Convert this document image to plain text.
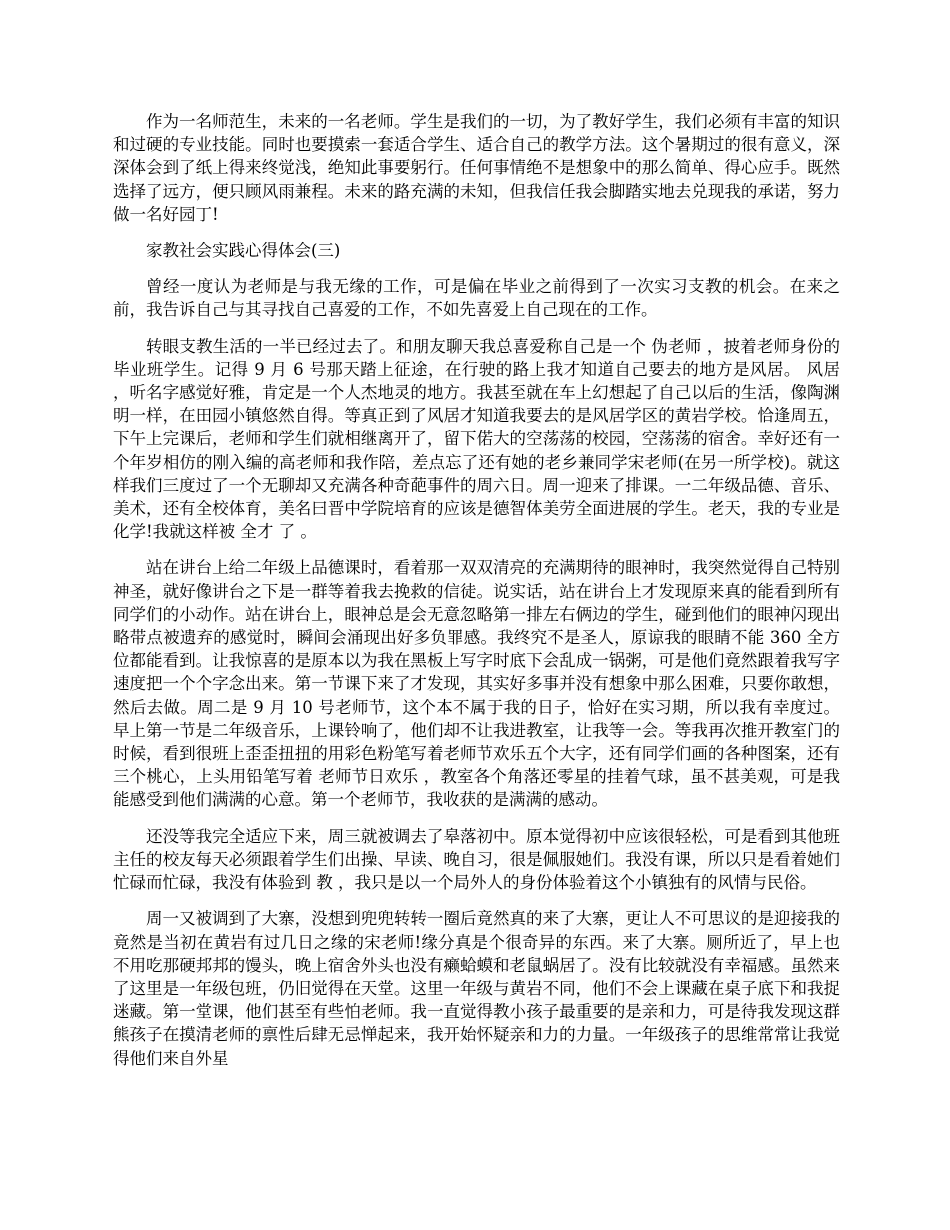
作为一名师范生，未来的一名老师。学生是我们的一切，为了教好学生，我们必须有丰富的知识和过硬的专业技能。同时也要摸索一套适合学生、适合自己的教学方法。这个暑期过的很有意义，深深体会到了纸上得来终觉浅，绝知此事要躬行。任何事情绝不是想象中的那么简单、得心应手。既然选择了远方，便只顾风雨兼程。未来的路充满的未知，但我信任我会脚踏实地去兑现我的承诺，努力做一名好园丁!

家教社会实践心得体会(三)

曾经一度认为老师是与我无缘的工作，可是偏在毕业之前得到了一次实习支教的机会。在来之前，我告诉自己与其寻找自己喜爱的工作，不如先喜爱上自己现在的工作。

转眼支教生活的一半已经过去了。和朋友聊天我总喜爱称自己是一个 伪老师 ，披着老师身份的毕业班学生。记得 9 月 6 号那天踏上征途，在行驶的路上我才知道自己要去的地方是风居。 风居 ，听名字感觉好雅，肯定是一个人杰地灵的地方。我甚至就在车上幻想起了自己以后的生活，像陶渊明一样，在田园小镇悠然自得。等真正到了风居才知道我要去的是风居学区的黄岩学校。恰逢周五，下午上完课后，老师和学生们就相继离开了，留下偌大的空荡荡的校园，空荡荡的宿舍。幸好还有一个年岁相仿的刚入编的高老师和我作陪，差点忘了还有她的老乡兼同学宋老师(在另一所学校)。就这样我们三度过了一个无聊却又充满各种奇葩事件的周六日。周一迎来了排课。一二年级品德、音乐、美术，还有全校体育，美名曰晋中学院培育的应该是德智体美劳全面进展的学生。老天，我的专业是化学!我就这样被 全才 了 。

站在讲台上给二年级上品德课时，看着那一双双清亮的充满期待的眼神时，我突然觉得自己特别神圣，就好像讲台之下是一群等着我去挽救的信徒。说实话，站在讲台上才发现原来真的能看到所有同学们的小动作。站在讲台上，眼神总是会无意忽略第一排左右俩边的学生，碰到他们的眼神闪现出略带点被遗弃的感觉时，瞬间会涌现出好多负罪感。我终究不是圣人，原谅我的眼睛不能 360 全方位都能看到。让我惊喜的是原本以为我在黑板上写字时底下会乱成一锅粥，可是他们竟然跟着我写字速度把一个个字念出来。第一节课下来了才发现，其实好多事并没有想象中那么困难，只要你敢想，然后去做。周二是 9 月 10 号老师节，这个本不属于我的日子，恰好在实习期，所以我有幸度过。早上第一节是二年级音乐，上课铃响了，他们却不让我进教室，让我等一会。等我再次推开教室门的时候，看到很班上歪歪扭扭的用彩色粉笔写着老师节欢乐五个大字，还有同学们画的各种图案，还有三个桃心，上头用铅笔写着 老师节日欢乐 ，教室各个角落还零星的挂着气球，虽不甚美观，可是我能感受到他们满满的心意。第一个老师节，我收获的是满满的感动。

还没等我完全适应下来，周三就被调去了皋落初中。原本觉得初中应该很轻松，可是看到其他班主任的校友每天必须跟着学生们出操、早读、晚自习，很是佩服她们。我没有课，所以只是看着她们忙碌而忙碌，我没有体验到 教 ，我只是以一个局外人的身份体验着这个小镇独有的风情与民俗。

周一又被调到了大寨，没想到兜兜转转一圈后竟然真的来了大寨，更让人不可思议的是迎接我的竟然是当初在黄岩有过几日之缘的宋老师!缘分真是个很奇异的东西。来了大寨。厕所近了，早上也不用吃那硬邦邦的馒头，晚上宿舍外头也没有癞蛤蟆和老鼠蜗居了。没有比较就没有幸福感。虽然来了这里是一年级包班，仍旧觉得在天堂。这里一年级与黄岩不同，他们不会上课藏在桌子底下和我捉迷藏。第一堂课，他们甚至有些怕老师。我一直觉得教小孩子最重要的是亲和力，可是待我发现这群熊孩子在摸清老师的禀性后肆无忌惮起来，我开始怀疑亲和力的力量。一年级孩子的思维常常让我觉得他们来自外星
